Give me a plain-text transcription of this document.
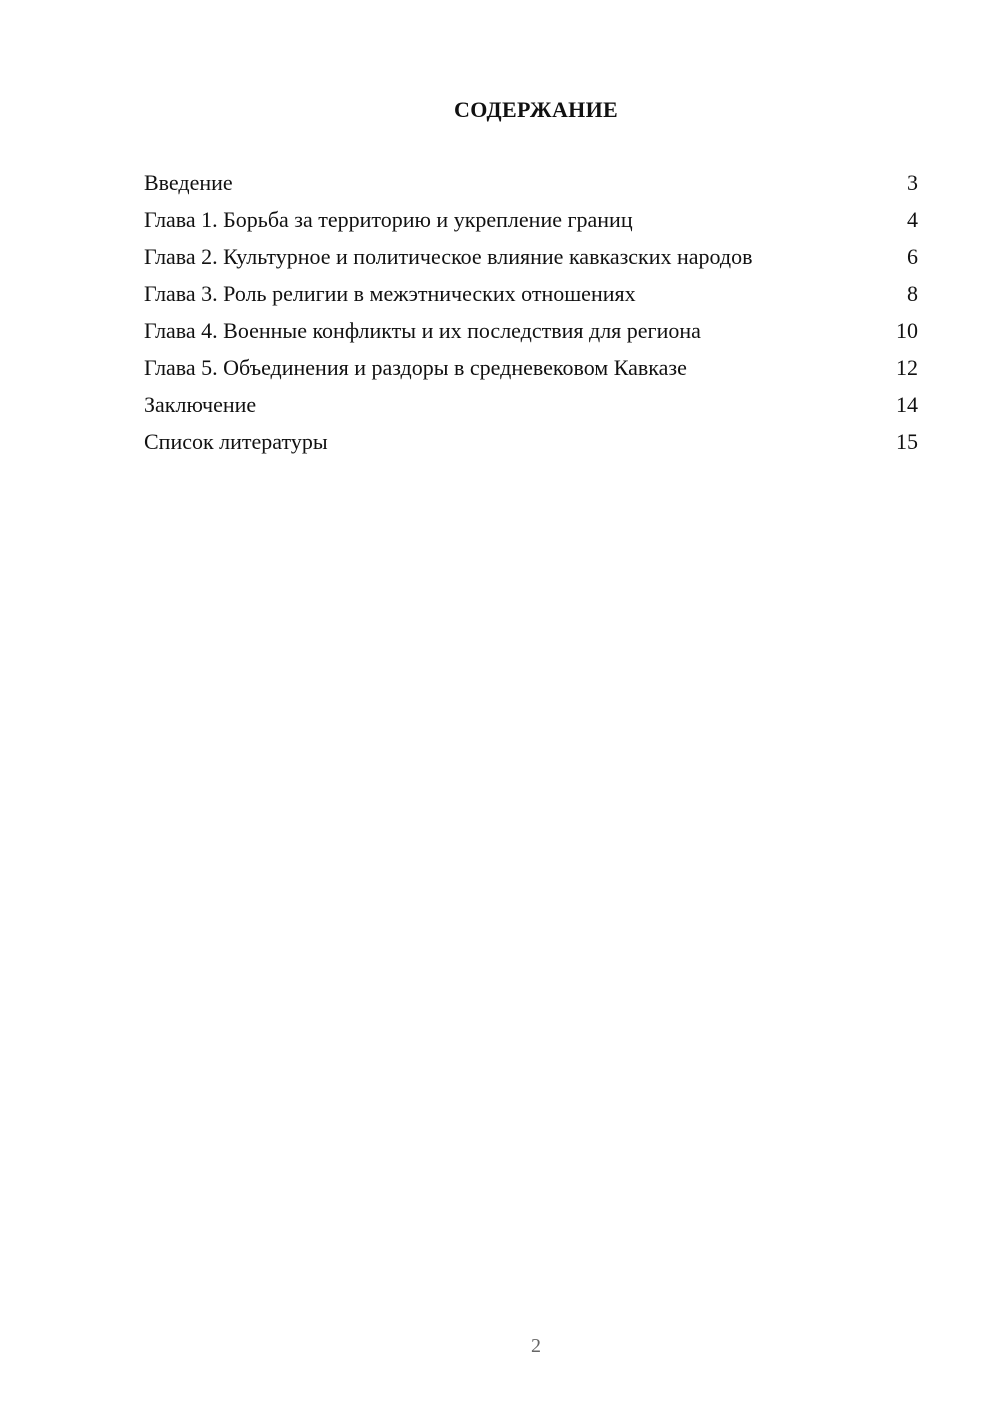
СОДЕРЖАНИЕ
Введение	3
Глава 1. Борьба за территорию и укрепление границ	4
Глава 2. Культурное и политическое влияние кавказских народов	6
Глава 3. Роль религии в межэтнических отношениях	8
Глава 4. Военные конфликты и их последствия для региона	10
Глава 5. Объединения и раздоры в средневековом Кавказе	12
Заключение	14
Список литературы	15
2
